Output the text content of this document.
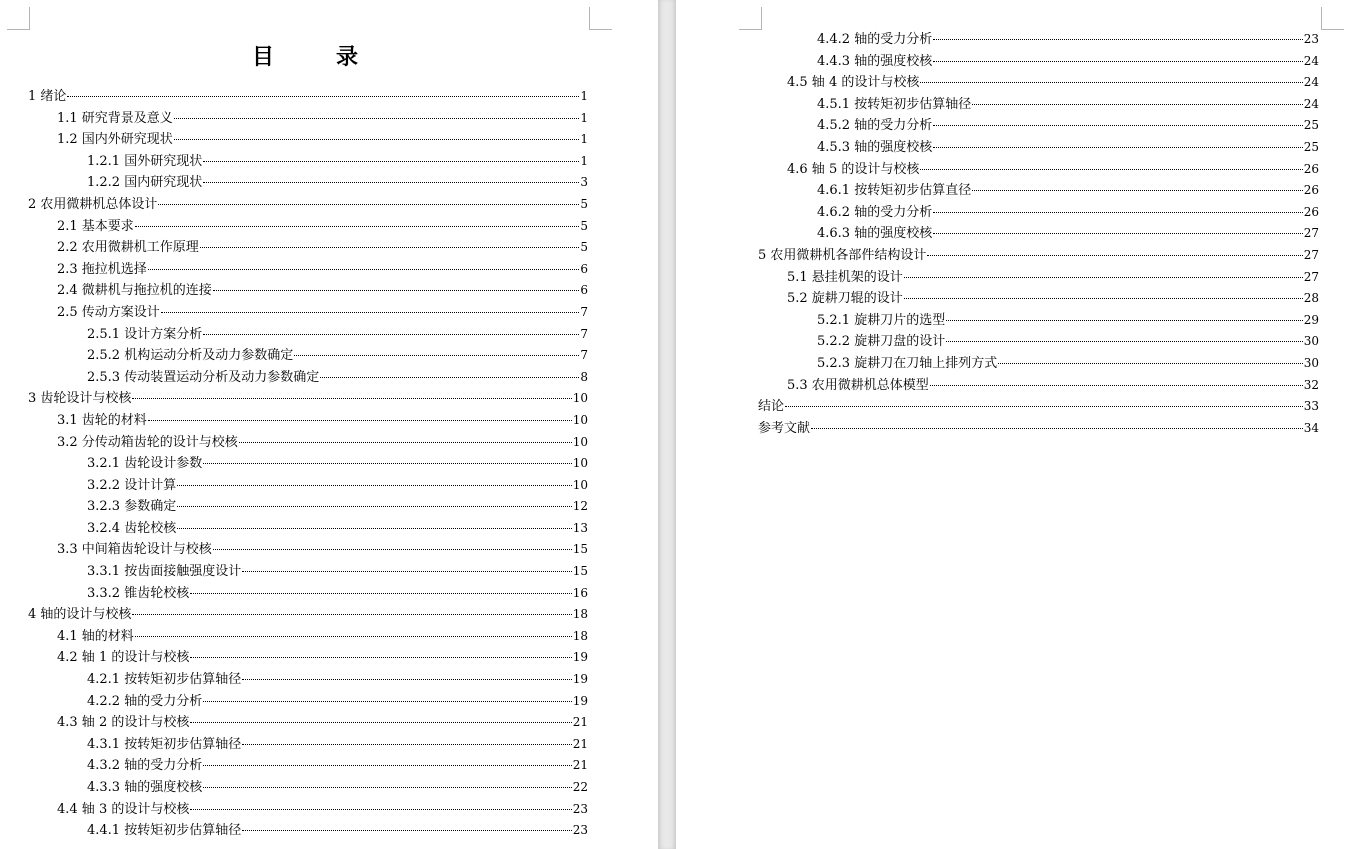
目　录
1 绪论	1
1.1 研究背景及意义	1
1.2 国内外研究现状	1
1.2.1 国外研究现状	1
1.2.2 国内研究现状	3
2 农用微耕机总体设计	5
2.1 基本要求	5
2.2 农用微耕机工作原理	5
2.3 拖拉机选择	6
2.4 微耕机与拖拉机的连接	6
2.5 传动方案设计	7
2.5.1 设计方案分析	7
2.5.2 机构运动分析及动力参数确定	7
2.5.3 传动装置运动分析及动力参数确定	8
3 齿轮设计与校核	10
3.1 齿轮的材料	10
3.2 分传动箱齿轮的设计与校核	10
3.2.1 齿轮设计参数	10
3.2.2 设计计算	10
3.2.3 参数确定	12
3.2.4 齿轮校核	13
3.3 中间箱齿轮设计与校核	15
3.3.1 按齿面接触强度设计	15
3.3.2 锥齿轮校核	16
4 轴的设计与校核	18
4.1 轴的材料	18
4.2 轴 1 的设计与校核	19
4.2.1 按转矩初步估算轴径	19
4.2.2 轴的受力分析	19
4.3 轴 2 的设计与校核	21
4.3.1 按转矩初步估算轴径	21
4.3.2 轴的受力分析	21
4.3.3 轴的强度校核	22
4.4 轴 3 的设计与校核	23
4.4.1 按转矩初步估算轴径	23
4.4.2 轴的受力分析	23
4.4.3 轴的强度校核	24
4.5 轴 4 的设计与校核	24
4.5.1 按转矩初步估算轴径	24
4.5.2 轴的受力分析	25
4.5.3 轴的强度校核	25
4.6 轴 5 的设计与校核	26
4.6.1 按转矩初步估算直径	26
4.6.2 轴的受力分析	26
4.6.3 轴的强度校核	27
5 农用微耕机各部件结构设计	27
5.1 悬挂机架的设计	27
5.2 旋耕刀辊的设计	28
5.2.1 旋耕刀片的选型	29
5.2.2 旋耕刀盘的设计	30
5.2.3 旋耕刀在刀轴上排列方式	30
5.3 农用微耕机总体模型	32
结论	33
参考文献	34
